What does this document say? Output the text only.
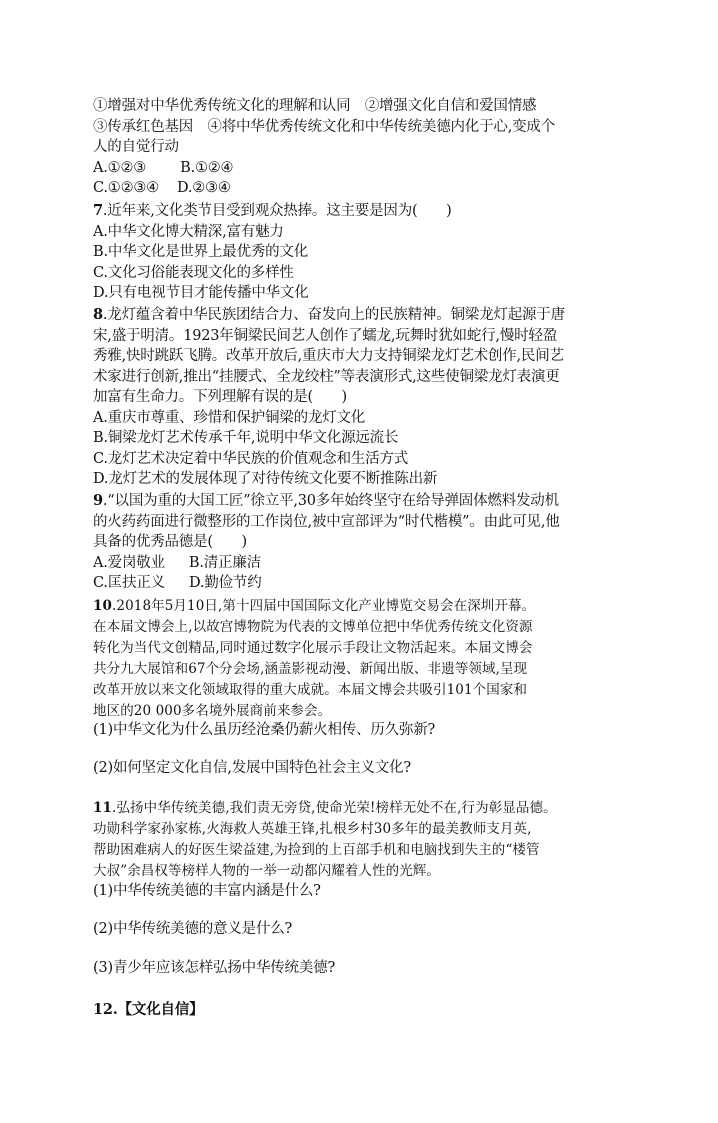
①增强对中华优秀传统文化的理解和认同　②增强文化自信和爱国情感
③传承红色基因　④将中华优秀传统文化和中华传统美德内化于心,变成个
人的自觉行动
A.①②③ B.①②④
C.①②③④ D.②③④
7.近年来,文化类节目受到观众热捧。这主要是因为(　　)
A.中华文化博大精深,富有魅力
B.中华文化是世界上最优秀的文化
C.文化习俗能表现文化的多样性
D.只有电视节目才能传播中华文化
8.龙灯蕴含着中华民族团结合力、奋发向上的民族精神。铜梁龙灯起源于唐
宋,盛于明清。1923年铜梁民间艺人创作了蠕龙,玩舞时犹如蛇行,慢时轻盈
秀雅,快时跳跃飞腾。改革开放后,重庆市大力支持铜梁龙灯艺术创作,民间艺
术家进行创新,推出“挂腰式、全龙绞柱”等表演形式,这些使铜梁龙灯表演更
加富有生命力。下列理解有误的是(　　)
A.重庆市尊重、珍惜和保护铜梁的龙灯文化
B.铜梁龙灯艺术传承千年,说明中华文化源远流长
C.龙灯艺术决定着中华民族的价值观念和生活方式
D.龙灯艺术的发展体现了对待传统文化要不断推陈出新
9.“以国为重的大国工匠”徐立平,30多年始终坚守在给导弹固体燃料发动机
的火药药面进行微整形的工作岗位,被中宣部评为“时代楷模”。由此可见,他
具备的优秀品德是(　　)
A.爱岗敬业 B.清正廉洁
C.匡扶正义 D.勤俭节约
10.2018年5月10日,第十四届中国国际文化产业博览交易会在深圳开幕。
在本届文博会上,以故宫博物院为代表的文博单位把中华优秀传统文化资源
转化为当代文创精品,同时通过数字化展示手段让文物活起来。本届文博会
共分九大展馆和67个分会场,涵盖影视动漫、新闻出版、非遗等领域,呈现
改革开放以来文化领域取得的重大成就。本届文博会共吸引101个国家和
地区的20 000多名境外展商前来参会。
(1)中华文化为什么虽历经沧桑仍薪火相传、历久弥新?
(2)如何坚定文化自信,发展中国特色社会主义文化?
11.弘扬中华传统美德,我们责无旁贷,使命光荣!榜样无处不在,行为彰显品德。
功勋科学家孙家栋,火海救人英雄王锋,扎根乡村30多年的最美教师支月英,
帮助困难病人的好医生梁益建,为捡到的上百部手机和电脑找到失主的“楼管
大叔”余昌权等榜样人物的一举一动都闪耀着人性的光辉。
(1)中华传统美德的丰富内涵是什么?
(2)中华传统美德的意义是什么?
(3)青少年应该怎样弘扬中华传统美德?
12.【文化自信】
